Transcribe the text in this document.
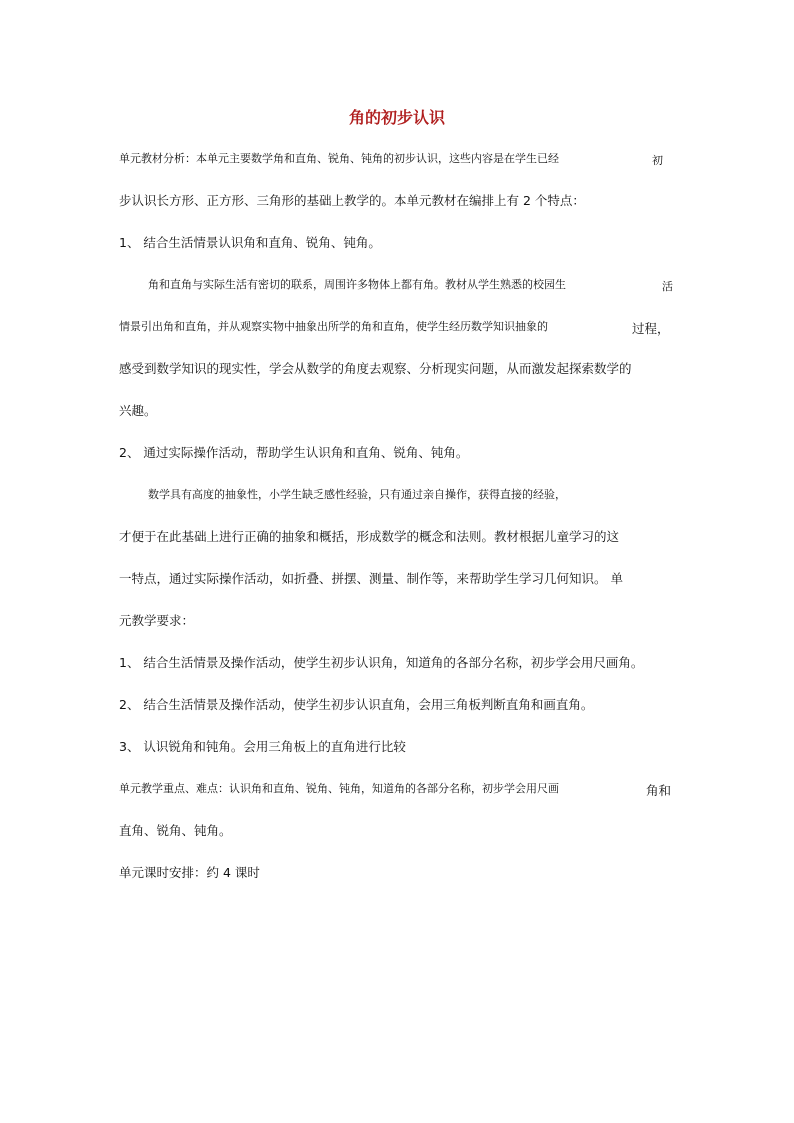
角的初步认识
单元教材分析：本单元主要数学角和直角、锐角、钝角的初步认识，这些内容是在学生已经	初
步认识长方形、正方形、三角形的基础上教学的。本单元教材在编排上有 2 个特点：
1、 结合生活情景认识角和直角、锐角、钝角。
角和直角与实际生活有密切的联系，周围许多物体上都有角。教材从学生熟悉的校园生	活
情景引出角和直角，并从观察实物中抽象出所学的角和直角，使学生经历数学知识抽象的	过程，
感受到数学知识的现实性，学会从数学的角度去观察、分析现实问题，从而激发起探索数学的
兴趣。
2、 通过实际操作活动，帮助学生认识角和直角、锐角、钝角。
数学具有高度的抽象性，小学生缺乏感性经验，只有通过亲自操作，获得直接的经验，
才便于在此基础上进行正确的抽象和概括，形成数学的概念和法则。教材根据儿童学习的这
一特点，通过实际操作活动，如折叠、拼摆、测量、制作等，来帮助学生学习几何知识。 单
元教学要求：
1、 结合生活情景及操作活动，使学生初步认识角，知道角的各部分名称，初步学会用尺画角。
2、 结合生活情景及操作活动，使学生初步认识直角，会用三角板判断直角和画直角。
3、 认识锐角和钝角。会用三角板上的直角进行比较
单元教学重点、难点：认识角和直角、锐角、钝角，知道角的各部分名称，初步学会用尺画	角和
直角、锐角、钝角。
单元课时安排：约 4 课时
